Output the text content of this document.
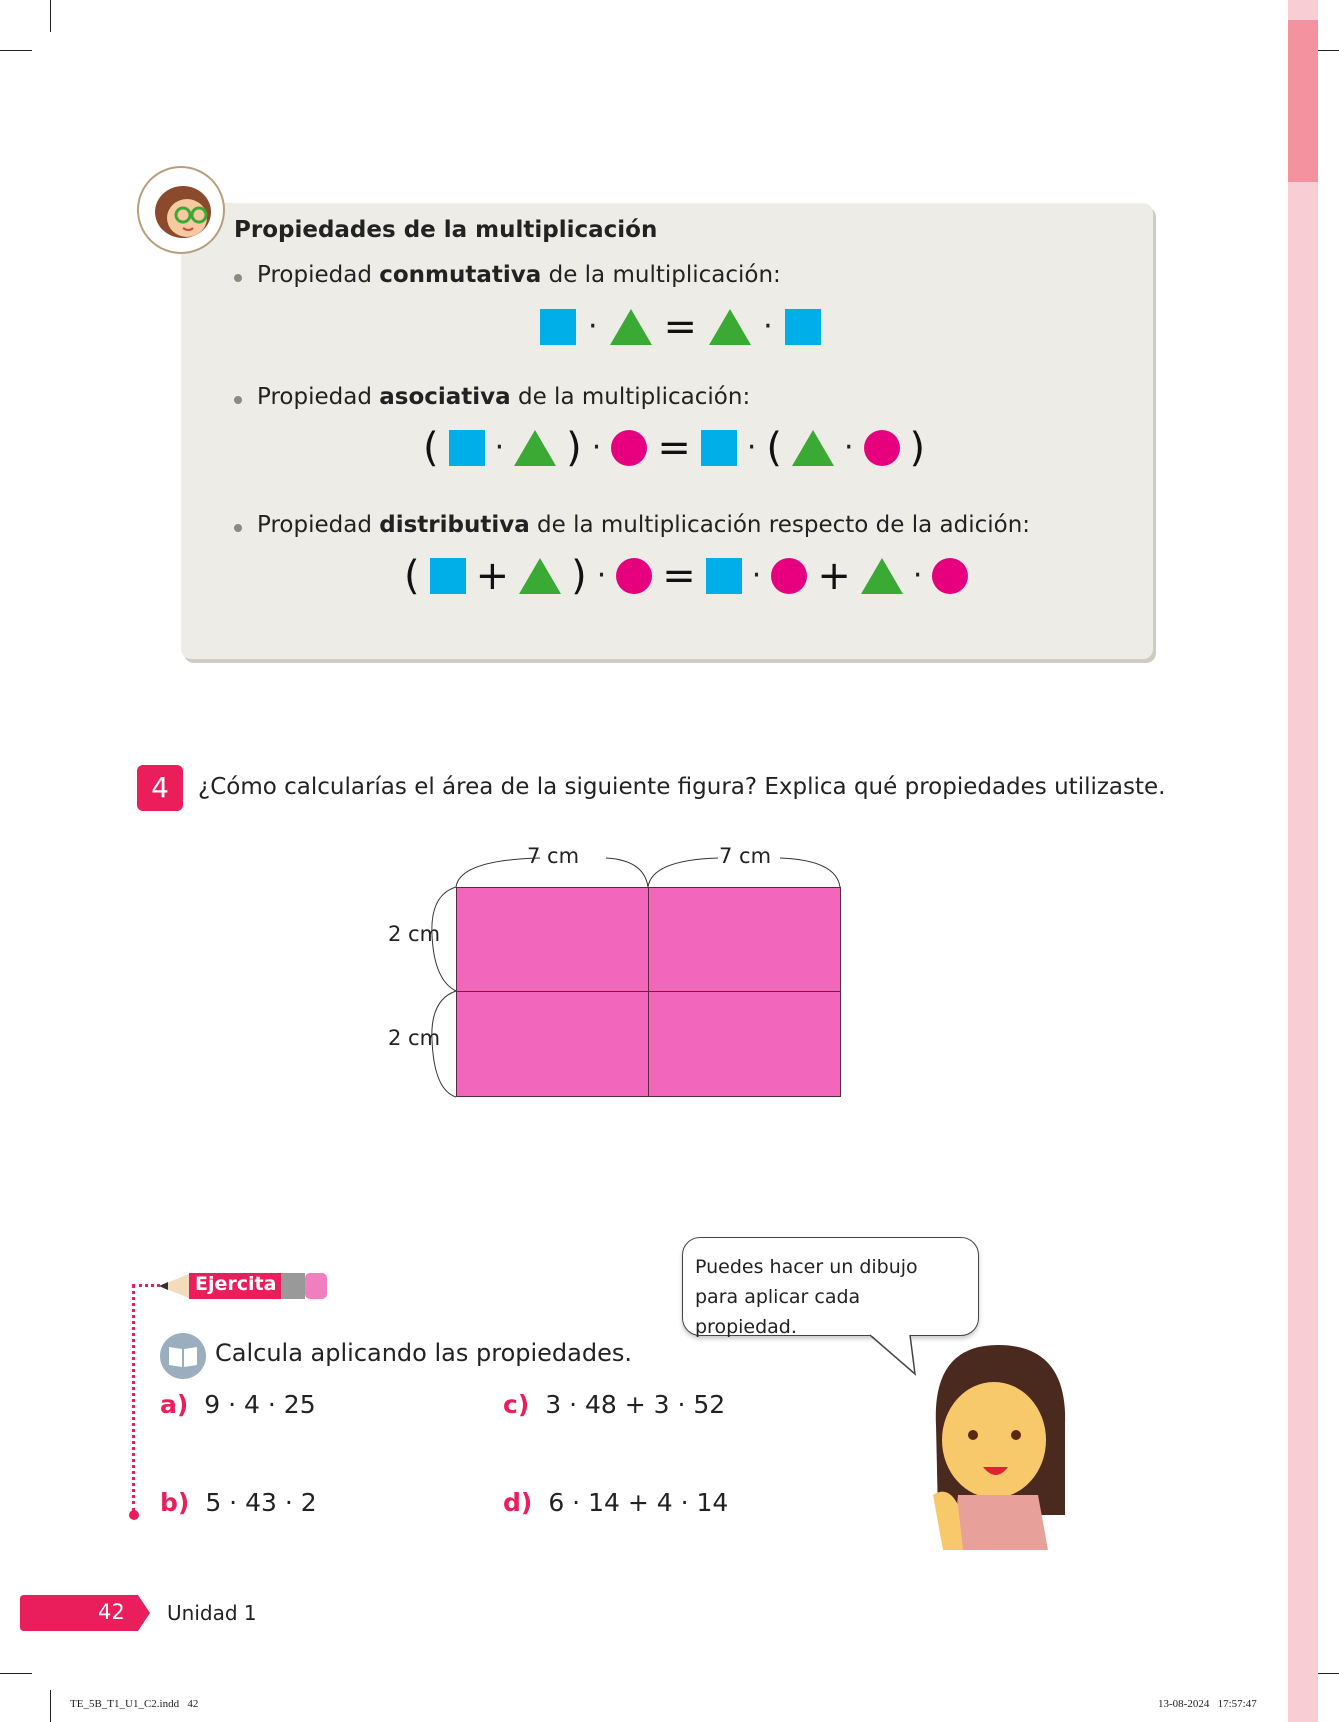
Propiedades de la multiplicación
Propiedad conmutativa de la multiplicación:
· = ·
Propiedad asociativa de la multiplicación:
( · ) · = · ( · )
Propiedad distributiva de la multiplicación respecto de la adición:
( + ) · = · + ·
4	¿Cómo calcularías el área de la siguiente figura? Explica qué propiedades utilizaste.
7 cm	7 cm
2 cm
2 cm
Ejercita
Calcula aplicando las propiedades.
a) 9 · 4 · 25
b) 5 · 43 · 2
c) 3 · 48 + 3 · 52
d) 6 · 14 + 4 · 14
Puedes hacer un dibujo para aplicar cada propiedad.
42 Unidad 1
TE_5B_T1_U1_C2.indd   42	13-08-2024   17:57:47
